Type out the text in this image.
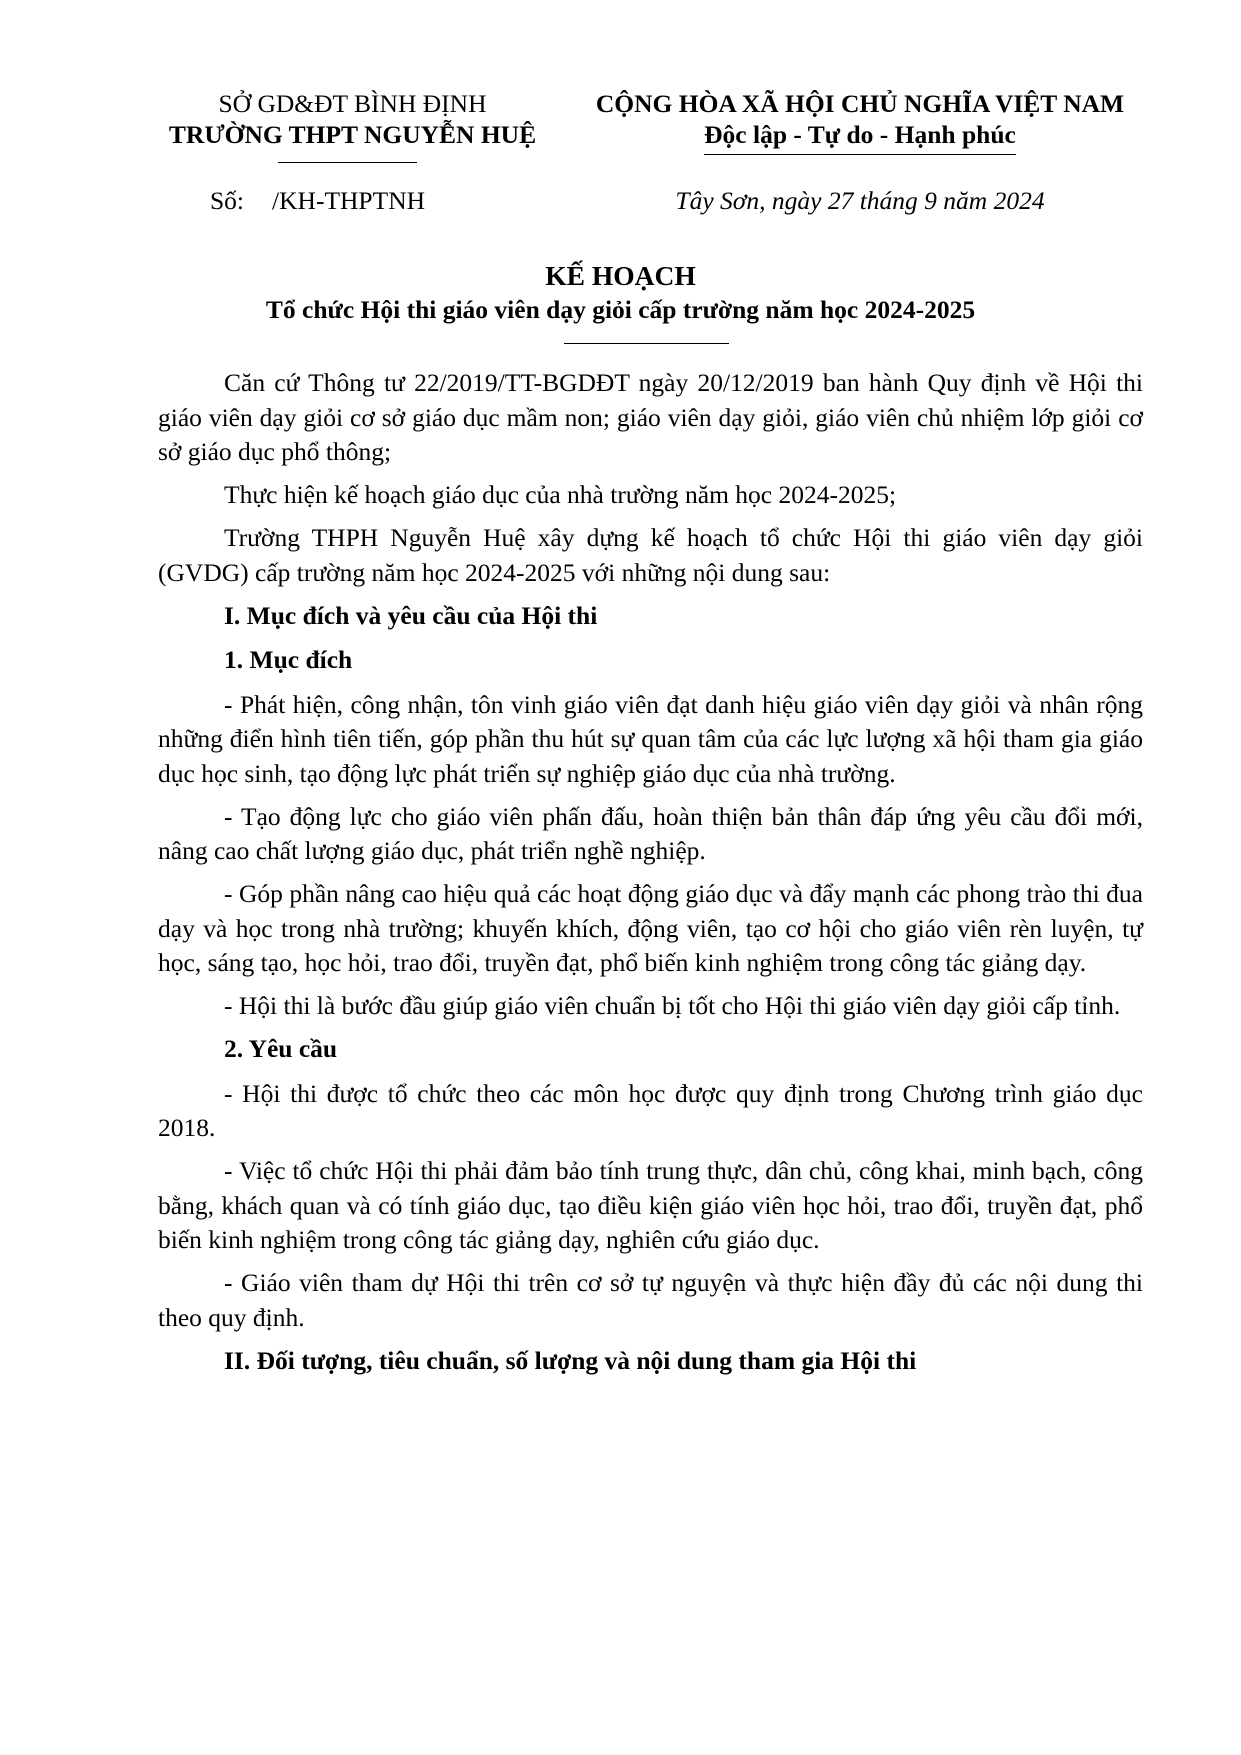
SỞ GD&ĐT BÌNH ĐỊNH
TRƯỜNG THPT NGUYỄN HUỆ
CỘNG HÒA XÃ HỘI CHỦ NGHĨA VIỆT NAM
Độc lập - Tự do - Hạnh phúc
Số: /KH-THPTNH	Tây Sơn, ngày 27 tháng 9 năm 2024
KẾ HOẠCH
Tổ chức Hội thi giáo viên dạy giỏi cấp trường năm học 2024-2025

Căn cứ Thông tư 22/2019/TT-BGDĐT ngày 20/12/2019 ban hành Quy định về Hội thi giáo viên dạy giỏi cơ sở giáo dục mầm non; giáo viên dạy giỏi, giáo viên chủ nhiệm lớp giỏi cơ sở giáo dục phổ thông;

Thực hiện kế hoạch giáo dục của nhà trường năm học 2024-2025;

Trường THPH Nguyễn Huệ xây dựng kế hoạch tổ chức Hội thi giáo viên dạy giỏi (GVDG) cấp trường năm học 2024-2025 với những nội dung sau:

I. Mục đích và yêu cầu của Hội thi

1. Mục đích

- Phát hiện, công nhận, tôn vinh giáo viên đạt danh hiệu giáo viên dạy giỏi và nhân rộng những điển hình tiên tiến, góp phần thu hút sự quan tâm của các lực lượng xã hội tham gia giáo dục học sinh, tạo động lực phát triển sự nghiệp giáo dục của nhà trường.

- Tạo động lực cho giáo viên phấn đấu, hoàn thiện bản thân đáp ứng yêu cầu đổi mới, nâng cao chất lượng giáo dục, phát triển nghề nghiệp.

- Góp phần nâng cao hiệu quả các hoạt động giáo dục và đẩy mạnh các phong trào thi đua dạy và học trong nhà trường; khuyến khích, động viên, tạo cơ hội cho giáo viên rèn luyện, tự học, sáng tạo, học hỏi, trao đổi, truyền đạt, phổ biến kinh nghiệm trong công tác giảng dạy.

- Hội thi là bước đầu giúp giáo viên chuẩn bị tốt cho Hội thi giáo viên dạy giỏi cấp tỉnh.

2. Yêu cầu

- Hội thi được tổ chức theo các môn học được quy định trong Chương trình giáo dục 2018.

- Việc tổ chức Hội thi phải đảm bảo tính trung thực, dân chủ, công khai, minh bạch, công bằng, khách quan và có tính giáo dục, tạo điều kiện giáo viên học hỏi, trao đổi, truyền đạt, phổ biến kinh nghiệm trong công tác giảng dạy, nghiên cứu giáo dục.

- Giáo viên tham dự Hội thi trên cơ sở tự nguyện và thực hiện đầy đủ các nội dung thi theo quy định.

II. Đối tượng, tiêu chuẩn, số lượng và nội dung tham gia Hội thi
